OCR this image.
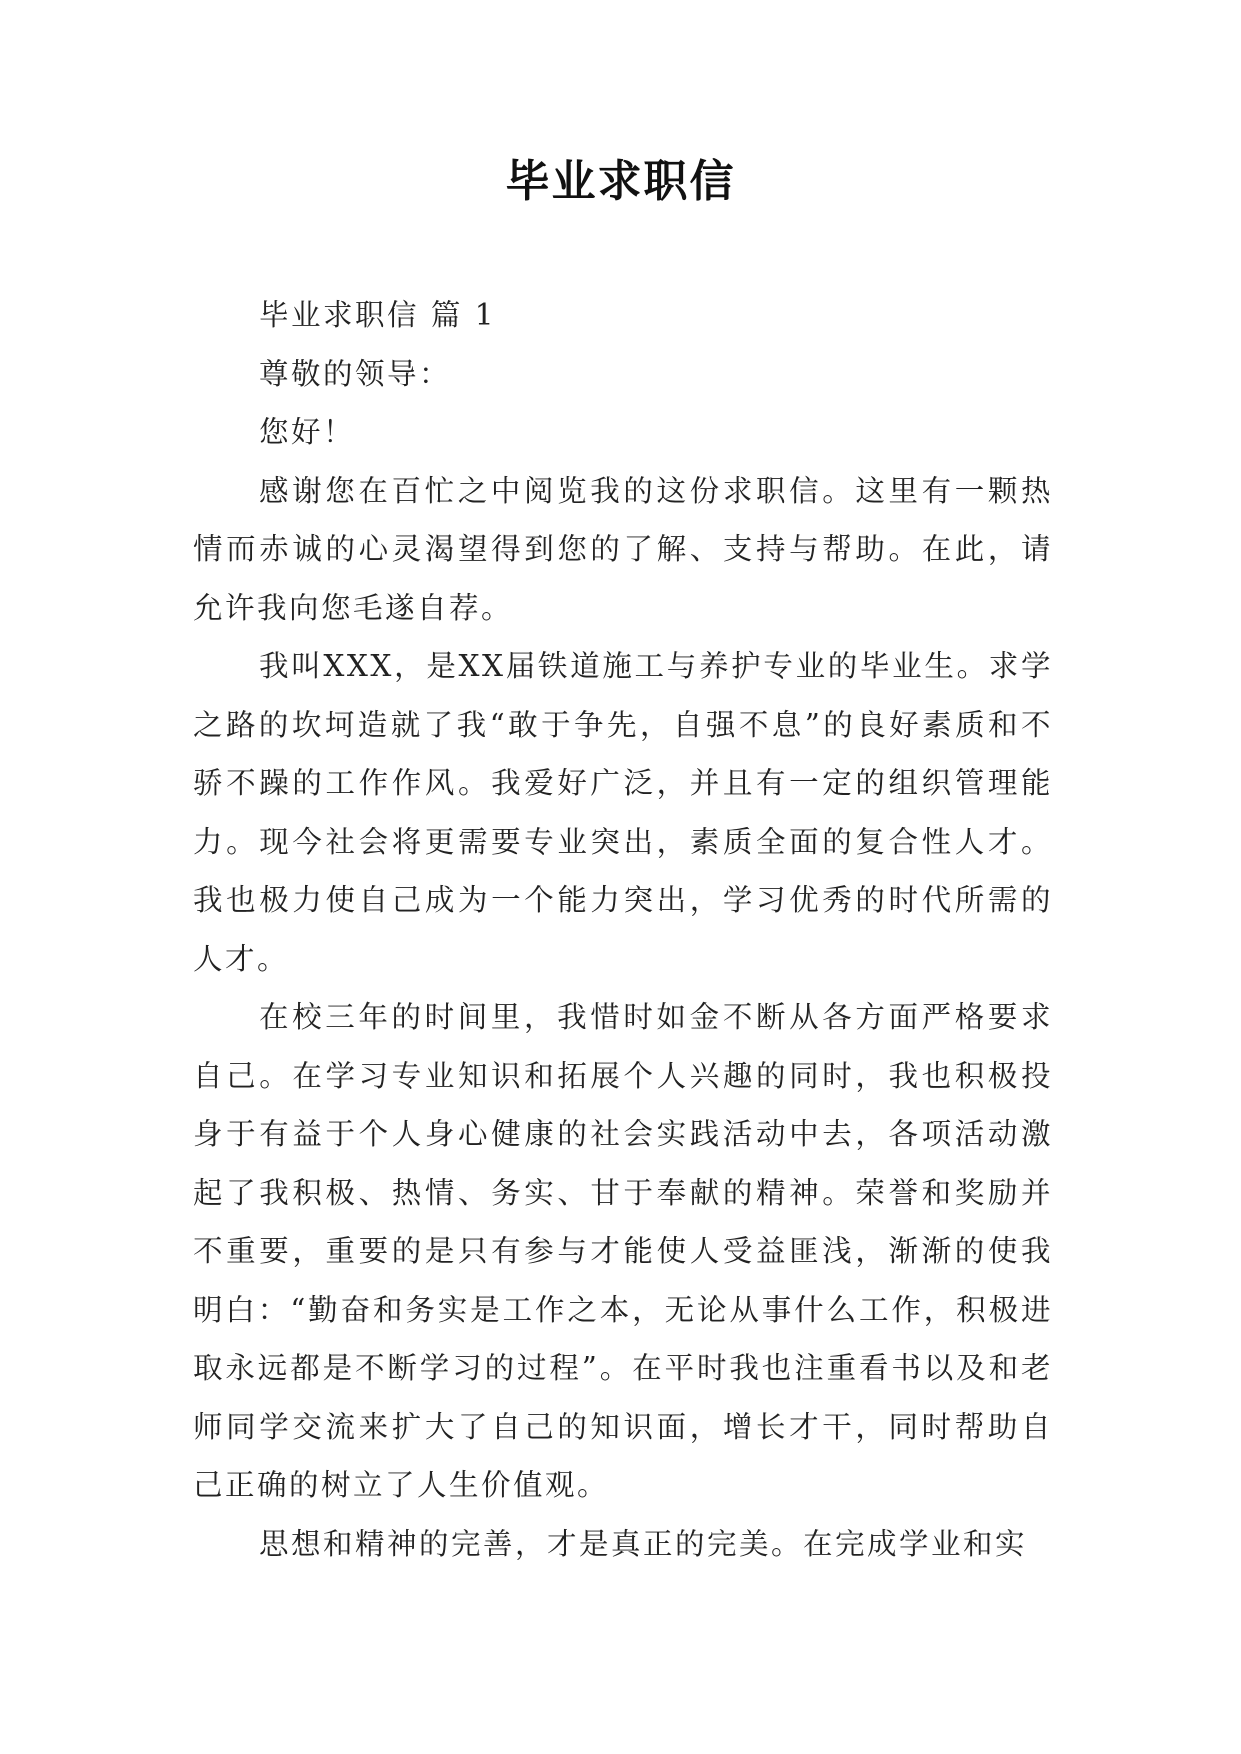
毕业求职信

毕业求职信 篇 1

尊敬的领导：

您好！

感谢您在百忙之中阅览我的这份求职信。这里有一颗热情而赤诚的心灵渴望得到您的了解、支持与帮助。在此，请允许我向您毛遂自荐。

我叫XXX，是XX届铁道施工与养护专业的毕业生。求学之路的坎坷造就了我“敢于争先，自强不息”的良好素质和不骄不躁的工作作风。我爱好广泛，并且有一定的组织管理能力。现今社会将更需要专业突出，素质全面的复合性人才。我也极力使自己成为一个能力突出，学习优秀的时代所需的人才。

在校三年的时间里，我惜时如金不断从各方面严格要求自己。在学习专业知识和拓展个人兴趣的同时，我也积极投身于有益于个人身心健康的社会实践活动中去，各项活动激起了我积极、热情、务实、甘于奉献的精神。荣誉和奖励并不重要，重要的是只有参与才能使人受益匪浅，渐渐的使我明白：“勤奋和务实是工作之本，无论从事什么工作，积极进取永远都是不断学习的过程”。在平时我也注重看书以及和老师同学交流来扩大了自己的知识面，增长才干，同时帮助自己正确的树立了人生价值观。

思想和精神的完善，才是真正的完美。在完成学业和实
